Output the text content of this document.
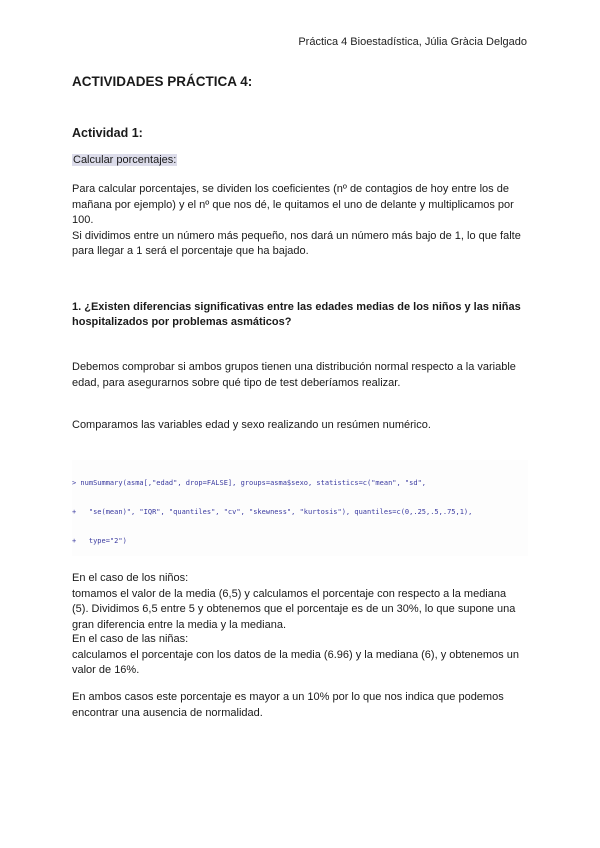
Práctica 4 Bioestadística, Júlia Gràcia Delgado
ACTIVIDADES PRÁCTICA 4:
Actividad 1:
Calcular porcentajes:

Para calcular porcentajes, se dividen los coeficientes (nº de contagios de hoy entre los de
mañana por ejemplo) y el nº que nos dé, le quitamos el uno de delante y multiplicamos por
100.
Si dividimos entre un número más pequeño, nos dará un número más bajo de 1, lo que falte
para llegar a 1 será el porcentaje que ha bajado.

1. ¿Existen diferencias significativas entre las edades medias de los niños y las niñas
hospitalizados por problemas asmáticos?

Debemos comprobar si ambos grupos tienen una distribución normal respecto a la variable
edad, para asegurarnos sobre qué tipo de test deberíamos realizar.

Comparamos las variables edad y sexo realizando un resúmen numérico.

> numSummary(asma[,"edad", drop=FALSE], groups=asma$sexo, statistics=c("mean", "sd",

+   "se(mean)", "IQR", "quantiles", "cv", "skewness", "kurtosis"), quantiles=c(0,.25,.5,.75,1),

+   type="2")

En el caso de los niños:
tomamos el valor de la media (6,5) y calculamos el porcentaje con respecto a la mediana
(5). Dividimos 6,5 entre 5 y obtenemos que el porcentaje es de un 30%, lo que supone una
gran diferencia entre la media y la mediana.

En el caso de las niñas:
calculamos el porcentaje con los datos de la media (6.96) y la mediana (6), y obtenemos un
valor de 16%.

En ambos casos este porcentaje es mayor a un 10% por lo que nos indica que podemos
encontrar una ausencia de normalidad.
